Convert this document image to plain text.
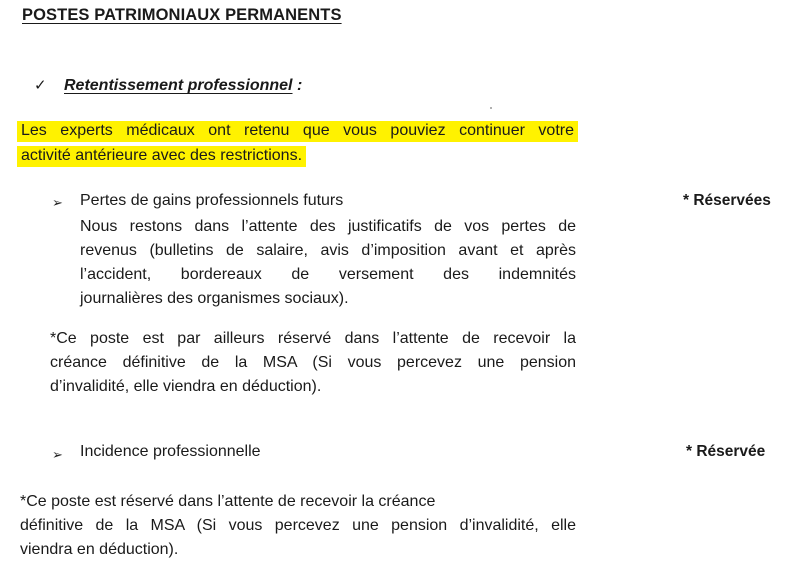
POSTES PATRIMONIAUX PERMANENTS
✓ Retentissement professionnel :
Les experts médicaux ont retenu que vous pouviez continuer votre
activité antérieure avec des restrictions.
➢ Pertes de gains professionnels futurs	* Réservées
Nous restons dans l’attente des justificatifs de vos pertes de
revenus (bulletins de salaire, avis d’imposition avant et après
l’accident, bordereaux de versement des indemnités
journalières des organismes sociaux).
*Ce poste est par ailleurs réservé dans l’attente de recevoir la
créance définitive de la MSA (Si vous percevez une pension
d’invalidité, elle viendra en déduction).
➢ Incidence professionnelle	* Réservée
*Ce poste est réservé dans l’attente de recevoir la créance
définitive de la MSA (Si vous percevez une pension d’invalidité, elle
viendra en déduction).
